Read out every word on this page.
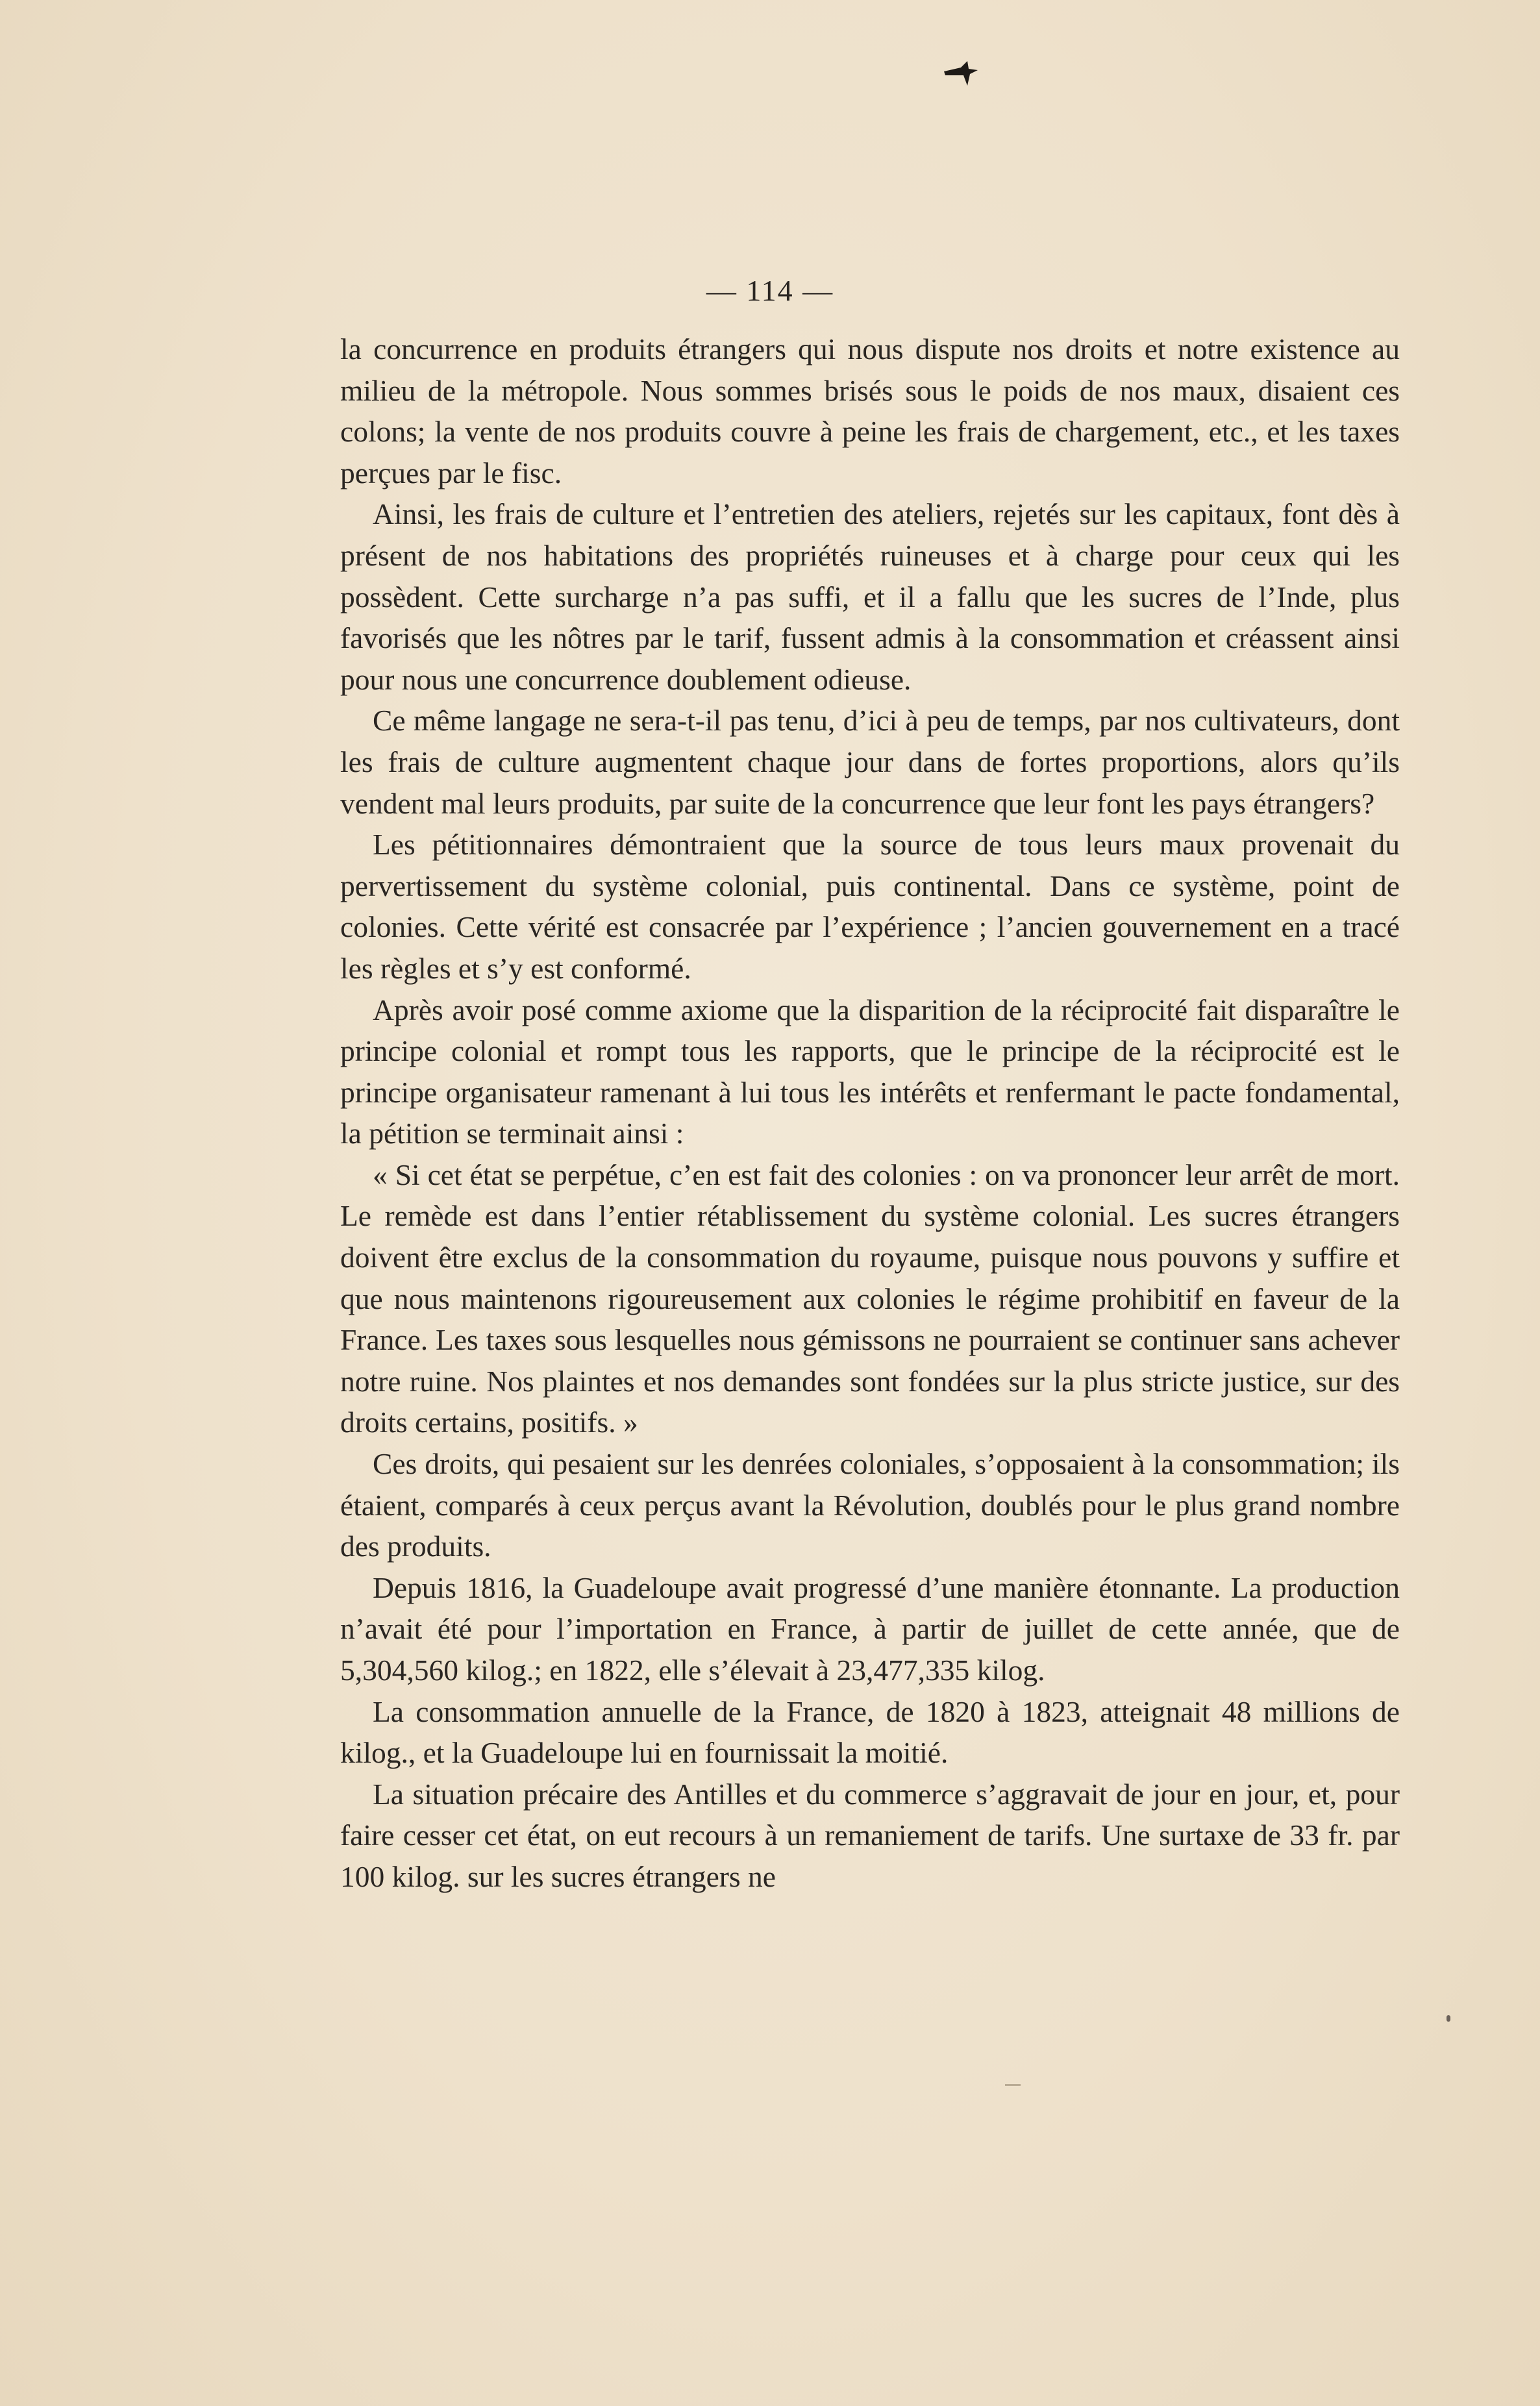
— 114 —

la concurrence en produits étrangers qui nous dispute nos droits et notre existence au milieu de la métropole. Nous sommes brisés sous le poids de nos maux, disaient ces colons; la vente de nos produits couvre à peine les frais de chargement, etc., et les taxes perçues par le fisc.

Ainsi, les frais de culture et l’entretien des ateliers, rejetés sur les capitaux, font dès à présent de nos habitations des propriétés ruineuses et à charge pour ceux qui les possèdent. Cette surcharge n’a pas suffi, et il a fallu que les sucres de l’Inde, plus favorisés que les nôtres par le tarif, fussent admis à la consommation et créassent ainsi pour nous une concurrence doublement odieuse.

Ce même langage ne sera-t-il pas tenu, d’ici à peu de temps, par nos cultivateurs, dont les frais de culture augmentent chaque jour dans de fortes proportions, alors qu’ils vendent mal leurs produits, par suite de la concurrence que leur font les pays étrangers?

Les pétitionnaires démontraient que la source de tous leurs maux provenait du pervertissement du système colonial, puis continental. Dans ce système, point de colonies. Cette vérité est consacrée par l’expérience ; l’ancien gouvernement en a tracé les règles et s’y est conformé.

Après avoir posé comme axiome que la disparition de la réciprocité fait disparaître le principe colonial et rompt tous les rapports, que le principe de la réciprocité est le principe organisateur ramenant à lui tous les intérêts et renfermant le pacte fondamental, la pétition se terminait ainsi :

« Si cet état se perpétue, c’en est fait des colonies : on va prononcer leur arrêt de mort. Le remède est dans l’entier rétablissement du système colonial. Les sucres étrangers doivent être exclus de la consommation du royaume, puisque nous pouvons y suffire et que nous maintenons rigoureusement aux colonies le régime prohibitif en faveur de la France. Les taxes sous lesquelles nous gémissons ne pourraient se continuer sans achever notre ruine. Nos plaintes et nos demandes sont fondées sur la plus stricte justice, sur des droits certains, positifs. »

Ces droits, qui pesaient sur les denrées coloniales, s’opposaient à la consommation; ils étaient, comparés à ceux perçus avant la Révolution, doublés pour le plus grand nombre des produits.

Depuis 1816, la Guadeloupe avait progressé d’une manière étonnante. La production n’avait été pour l’importation en France, à partir de juillet de cette année, que de 5,304,560 kilog.; en 1822, elle s’élevait à 23,477,335 kilog.

La consommation annuelle de la France, de 1820 à 1823, atteignait 48 millions de kilog., et la Guadeloupe lui en fournissait la moitié.

La situation précaire des Antilles et du commerce s’aggravait de jour en jour, et, pour faire cesser cet état, on eut recours à un remaniement de tarifs. Une surtaxe de 33 fr. par 100 kilog. sur les sucres étrangers ne
